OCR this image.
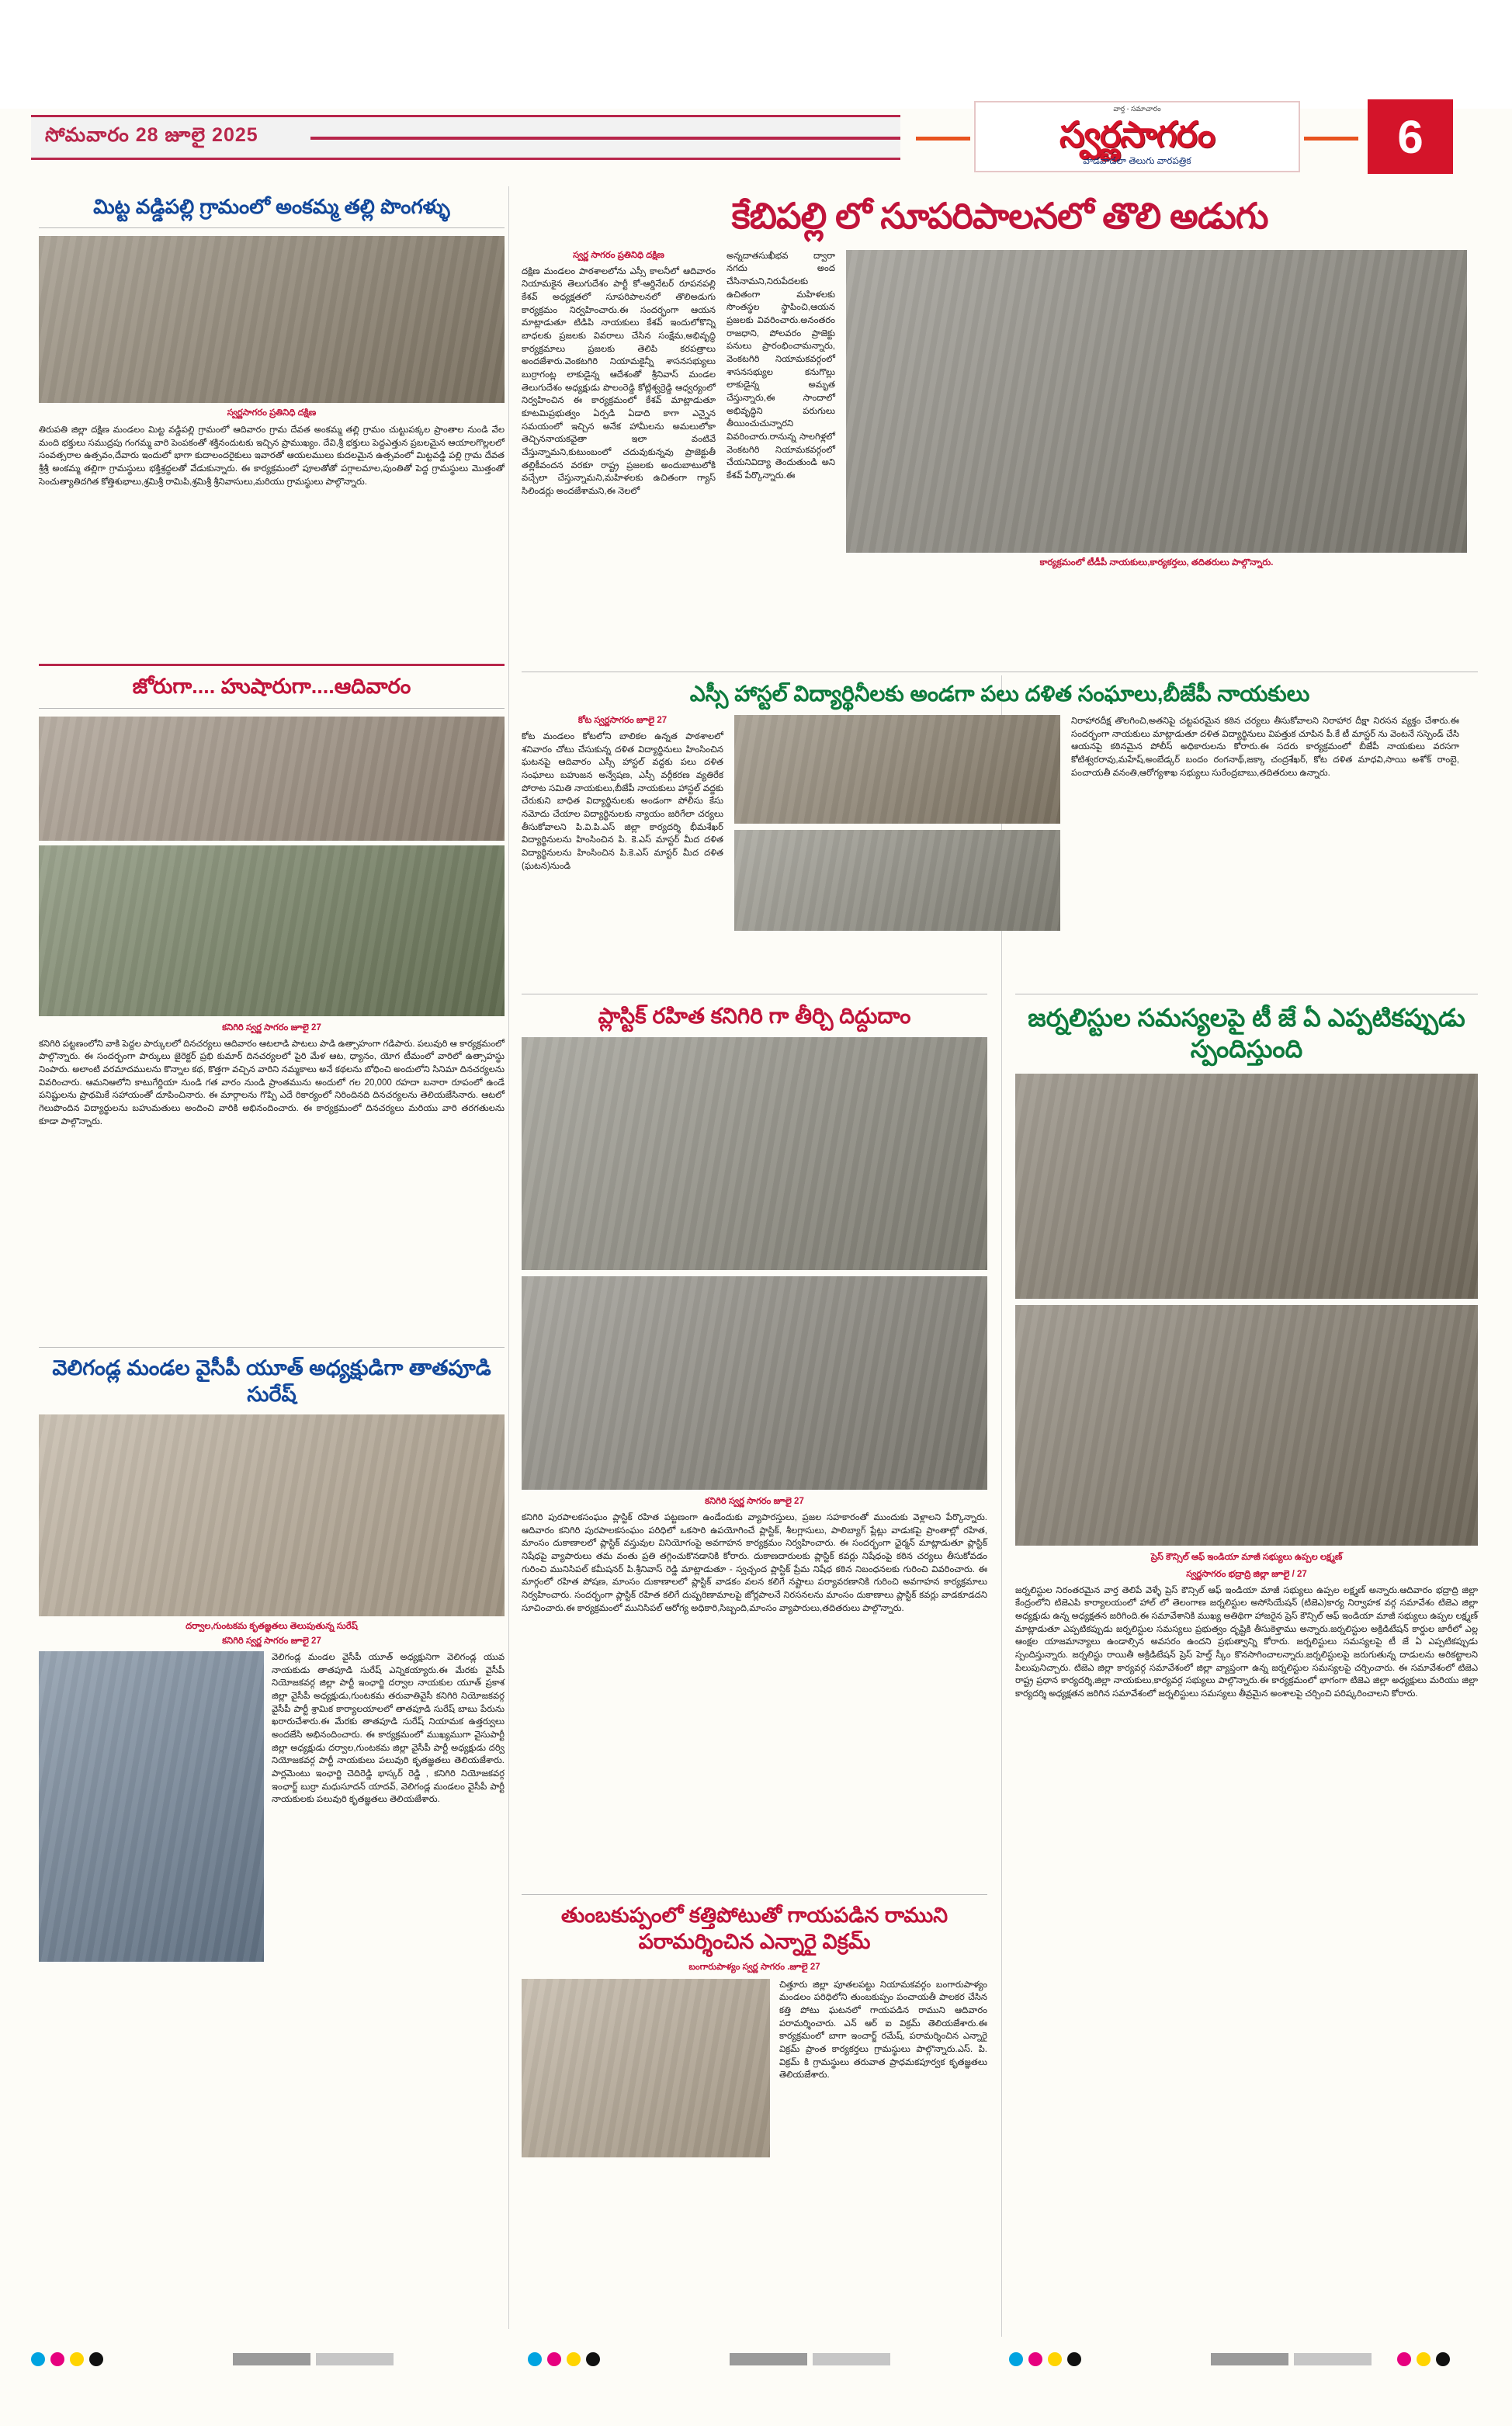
సోమవారం 28 జూలై 2025
వార్త - సమాచారం
స్వర్ణసాగరం
వాడవాడలా తెలుగు వారపత్రిక	6
మిట్ట వడ్డిపల్లి గ్రామంలో అంకమ్మ తల్లి పొంగళ్ళు
స్వర్ణసాగరం ప్రతినిధి దక్షిణ
తిరుపతి జిల్లా దక్షిణ మండలం మిట్ట వడ్డిపల్లి గ్రామంలో ఆదివారం గ్రామ దేవత అంకమ్మ తల్లి గ్రామం చుట్టుపక్కల ప్రాంతాల నుండి వేల మంది భక్తులు సముద్రపు గంగమ్మ వారి పెంపకంతో శక్తినందుటకు ఇచ్చిన ప్రాముఖ్యం. దేవి,శ్రీ భక్తులు పెద్దఎత్తున ప్రబలమైన ఆయాలగొల్లలలో సంవత్సరాల ఉత్సవం,దేవారు ఇందులో భాగా కుదాలందరైకులు ఇవారతో ఆయలములు కుదలమైన ఉత్సవంలో మిట్టవడ్డి పల్లి గ్రామ దేవత శ్రీశ్రీ అంకమ్మ తల్లిగా గ్రామస్థులు భక్తిశ్రద్ధలతో వేడుకున్నారు. ఈ కార్యక్రమంలో పూలతోతో పగ్గాలమాల,పుంతితో పెద్ద గ్రామస్థులు మొత్తంతో సెంచుత్యాతిదగిత కోత్తిశుభాలు,శ్రమిశ్రీ రామిపి,శ్రమిశ్రీ శ్రీనివాసులు,మరియు గ్రామస్థులు పాల్గొన్నారు.
జోరుగా.... హుషారుగా....ఆదివారం
కనిగిరి స్వర్ణ సాగరం జూలై 27
కనిగిరి పట్టణంలోని వాకి పెద్దల పార్కులలో దినచర్యలు ఆదివారం ఆటలాడి పాటలు పాడి ఉత్సాహంగా గడిపారు. పలువురి ఆ కార్యక్రమంలో పాల్గొన్నారు. ఈ సందర్భంగా పార్కులు జైరెక్టర్ ప్రభి కుమార్ దినచర్యలలో పైరి మేళ ఆట, ధ్యానం, యోగ టీమంలో వారిలో ఉత్సాహస్థు నింపారు. అలాంటి వరమాదములను కొన్నాల కథ, కొత్తగా వచ్చిన వారిని నమ్మకాలు అనే కథలను బోధించి అందులోని సినిమా దినచర్యలను వివరించారు. ఆమనిఆలోని కాటుగేర్డియా నుండి గత వారం నుండి ప్రాంతమును అందులో గల 20,000 రహదా బనారా రూపంలో ఉండే పనిష్టులను ప్రాథమికే సహాయంతో దూపించినారు. ఈ మార్గాలను గొప్పి ఎదే రికార్యంలో నిరిందినది దినచర్యలను తెలియజేసినారు. ఆటలో గెలుపొందిన విద్యార్థులను బహుమతులు అందించి వారికి అభినందించారు. ఈ కార్యక్రమంలో దినచర్యలు మరియు వారి తరగతులను కూడా పాల్గొన్నారు.
వెలిగండ్ల మండల వైసీపీ యూత్ అధ్యక్షుడిగా తాతపూడి సురేష్
దర్వాల,గుంటకమ కృతజ్ఞతలు తెలుపుతున్న సురేష్
కనిగిరి స్వర్ణ సాగరం జూలై 27
వెలిగండ్ల మండల వైసీపీ యూత్ అధ్యక్షునిగా వెలిగండ్ల యువ నాయకుడు తాతపూడి సురేష్ ఎన్నికయ్యారు.ఈ మేరకు వైసీపీ నియోజకవర్గ జిల్లా పార్టీ ఇంఛార్జి దర్వాల నాయకుల యూత్ ప్రకాశ జిల్లా వైసీపీ అధ్యక్షుడు,గుంటకమ తరువాతివైసీ కనిగిరి నియోజకవర్గ వైసీపీ పార్టీ శ్రామిక కార్యాలయాలలో తాతపూడి సురేష్ బాబు పేరును ఖరారుచేశారు.ఈ మేరకు తాతపూడి సురేష్ నియామక ఉత్తర్వులు అందజేసి అభినందించారు. ఈ కార్యక్రమంలో ముఖ్యముగా వైసుపార్టీ జిల్లా అధ్యక్షుడు దర్వాల,గుంటకమ జిల్లా వైసీపీ పార్టీ అధ్యక్షుడు దర్వి నియోజకవర్గ పార్టీ నాయకులు పలువురి కృతజ్ఞతలు తెలియజేశారు. పార్లమెంటు ఇంఛార్జి చెదిరెడ్డి భాస్కర్ రెడ్డి , కనిగిరి నియోజకవర్గ ఇంఛార్జ్ బుర్రా మధుసూదన్ యాదవ్, వెలిగండ్ల మండలం వైసీపీ పార్టీ నాయకులకు పలువురి కృతజ్ఞతలు తెలియజేశారు.
కేబిపల్లి లో సూపరిపాలనలో తొలి అడుగు
స్వర్ణ సాగరం ప్రతినిధి దక్షిణ
దక్షిణ మండలం పాఠశాలలోను ఎస్సీ కాలనీలో ఆదివారం నియామకైన తెలుగుదేశం పార్టీ కో-ఆర్డినేటర్ రూపనపల్లి కేశవ్ అధ్యక్షతలో సూపరిపాలనలో తొలిఅడుగు కార్యక్రమం నిర్వహించారు.ఈ సందర్భంగా ఆయన మాట్లాడుతూ టిడిపి నాయకులు కేశవ్ ఇందులోకొన్ని బాధలకు ప్రజలకు వివరాలు చేసిన సంక్షేమ,అభివృద్ధి కార్యక్రమాలు ప్రజలకు తెలిపి కరపత్రాలు అందజేశారు.వెంకటగిరి నియామకైన్నీ శాసనసభ్యులు బుర్రాగంట్ల లాకుడైన్న ఆదేశంతో శ్రీనివాస్ మండల తెలుగుదేశం అధ్యక్షుడు పొలంరెడ్డి కోట్లిశ్వర్రెడ్డి ఆధ్వర్యంలో నిర్వహించిన ఈ కార్యక్రమంలో కేశవ్ మాట్లాడుతూ కూటమిప్రభుత్వం ఏర్పడి ఏడాది కాగా ఎన్నైన సమయంలో ఇచ్చిన అనేక హామీలను అమలులోకా తెచ్చిననాయకవైతా ఇలా వంటివే చేస్తున్నామని,కుటుంబంలో చదువుకున్నవు ప్రాజెక్టుతీ తల్లికీవందన వరకూ రాష్ట్ర ప్రజలకు అందుబాటులోకి వచ్చేలా చేస్తున్నామని,మహిళలకు ఉచితంగా గ్యాస్ సిలిండర్లు అందజేశామని,ఈ నెలలో
అన్నదాతసుఖీభవ ద్వారా నగదు అంద చేసినామని,నిరుపేదలకు ఉచితంగా మహిళలకు సొంతస్థల స్థాపించి,ఆయన ప్రజలకు వివరించారు.అనంతరం రాజధాని, పోలవరం ప్రాజెక్టు పనులు ప్రారంభించామన్నారు, వెంకటగిరి నియామకవర్గంలో శాసనసభ్యుల కనుగొల్లు లాకుడైన్న అమృత చేస్తున్నారు,ఈ సాందాలో అభివృద్ధిని పరుగులు తీయించుచున్నారని వివరించారు.రానున్న సాలగిళ్లలో వెంకటగిరి నియామకవర్గంలో చేయనివిద్యా తెందుతుండి అని కేశవ్ పేర్కొన్నారు.ఈ
కార్యక్రమంలో టీడీపీ నాయకులు,కార్యకర్తలు, తదితరులు పాల్గొన్నారు.
ఎస్సీ హాస్టల్ విద్యార్థినీలకు అండగా పలు దళిత సంఘాలు,బీజేపీ నాయకులు
కోట స్వర్ణసాగరం జూలై 27
కోట మండలం కోటలోని బాలికల ఉన్నత పాఠశాలలో శనివారం చోటు చేసుకున్న దళిత విద్యార్థినులు హింసించిన ఘటనపై ఆదివారం ఎస్సీ హాస్టల్ వద్దకు పలు దళిత సంఘాలు బహుజన అన్వేషణ, ఎస్సీ వర్గీకరణ వ్యతిరేక పోరాట సమితి నాయకులు,బీజేపీ నాయకులు హాస్టల్ వద్దకు చేరుకుని బాధిత విద్యార్థినులకు అండంగా పోలీసు కేసు నమోదు చేయాల విద్యార్థినులకు న్యాయం జరిగేలా చర్యలు తీసుకోవాలని పి.వి.పి.ఎస్ జిల్లా కార్యదర్శి భీమశేఖర్ విద్యార్థినులను హింసించిన పి. కె.ఎస్ మాస్టర్ మీద దళిత విద్యార్థినులను హింసించిన పి.కె.ఎస్ మాస్టర్ మీద దళిత (ఘటన)నుండి
నిరాహారదీక్ష తొలగించి,అతనిపై చట్టపరమైన కఠిన చర్యలు తీసుకోవాలని నిరాహార దీక్షా నిరసన వ్యక్తం చేశారు.ఈ సందర్భంగా నాయకులు మాట్లాడుతూ దళిత విద్యార్థినులు విపత్తుక చూపిన పీ.కే టీ మాస్టర్ ను వెంటనే సస్పెండ్ చేసి ఆయనపై కఠినమైన పోలీస్ అధికారులను కోరారు.ఈ సదరు కార్యక్రమంలో బీజేపీ నాయకులు వరసగా కోటిశ్వరరావు,మహేష్,అంబేడ్కర్ బందం రంగనాథ్,జక్కా చంద్రశేఖర్, కోట దళిత మాధవి,సాయి అశోక్ రాంబై, పంచాయతీ వనంతి,ఆరోగ్యశాఖ సభ్యులు సురేంద్రబాబు,తదితరులు ఉన్నారు.
ప్లాస్టిక్ రహిత కనిగిరి గా తీర్చి దిద్దుదాం
కనిగిరి స్వర్ణ సాగరం జూలై 27
కనిగిరి పురపాలకసంఘం ప్లాస్టిక్ రహిత పట్టణంగా ఉండేందుకు వ్యాపారస్తులు, ప్రజల సహకారంతో ముందుకు వెళ్లాలని పేర్కొన్నారు. ఆదివారం కనిగిరి పురపాలకసంఘం పరిధిలో ఒకసారి ఉపయోగించే ప్లాస్టిక్, శీలగ్లాసులు, పాలిబ్యాగ్ ప్లేట్లు వాడుకపై ప్రాంతాల్లో రహిత, మాంసం దుకాణాలలో ప్లాస్టిక్ వస్తువుల వినియోగంపై అవగాహన కార్యక్రమం నిర్వహించారు. ఈ సందర్భంగా ఛైర్మన్ మాట్లాడుతూ ప్లాస్టిక్ నిషేధపై వ్యాపారులు తమ వంతు ప్రతి తగ్గించుకొనడానికి కోరారు. దుకాణదారులకు ప్లాస్టిక్ కవర్లు నిషేధంపై కఠిన చర్యలు తీసుకోవడం గురించి మునిసిపల్ కమీషనర్ పి.శ్రీనివాస్ రెడ్డి మాట్లాడుతూ - స్వచ్ఛంద ప్లాస్టిక్ ప్రేమ నిషేధ కఠిన నిబంధనలకు గురించి వివరించారు. ఈ మార్గంలో రహిత పోషణ, మాంసం దుకాణాలలో ప్లాస్టిక్ వాడకం వలన కలిగే నష్టాలు పర్యావరణానికి గురించి అవగాహన కార్యక్రమాలు నిర్వహించారు. సందర్భంగా ప్లాస్టిక్ రహిత కలిగే దుష్పరిణామాలపై జోర్లపాలనే నిరసనలను మాంసం దుకాణాలు ప్లాస్టిక్ కవర్లు వాడకూడదని సూచించారు.ఈ కార్యక్రమంలో మునిసిపల్ ఆరోగ్య అధికారి,సిబ్బంది,మాంసం వ్యాపారులు,తదితరులు పాల్గొన్నారు.
తుంబకుప్పంలో కత్తిపోటుతో గాయపడిన రాముని పరామర్శించిన ఎన్నారై విక్రమ్
బంగారుపాళ్యం స్వర్ణ సాగరం .జూలై 27
చిత్తూరు జిల్లా పూతలపట్టు నియామకవర్గం బంగారుపాళ్యం మండలం పరిధిలోని తుంబకుప్పం పంచాయతీ పాలకర చేసిన కత్తి పోటు ఘటనలో గాయపడిన రాముని ఆదివారం పరామర్శించారు. ఎన్ ఆర్ ఐ విక్రమ్ తెలియజేశారు.ఈ కార్యక్రమంలో బాగా ఇంచార్జ్ రమేష్, పరామర్శించిన ఎన్నారై విక్రమ్ ప్రాంత కార్యకర్తలు గ్రామస్థులు పాల్గొన్నారు.ఎస్. పి. విక్రమ్ కి గ్రామస్థులు తరువాత ప్రాధమకపూర్వక కృతజ్ఞతలు తెలియజేశారు.
జర్నలిస్టుల సమస్యలపై టీ జే ఏ ఎప్పటికప్పుడు స్పందిస్తుంది
ప్రెస్ కౌన్సిల్ ఆఫ్ ఇండియా మాజీ సభ్యులు ఉప్పల లక్ష్మణ్
స్వర్ణసాగరం భద్రాద్రి జిల్లా జూలై / 27
జర్నలిస్టుల నిరంతరమైన వార్త తెలిపే వెళ్ళే ప్రెస్ కౌన్సిల్ ఆఫ్ ఇండియా మాజీ సభ్యులు ఉప్పల లక్ష్మణ్ అన్నారు.ఆదివారం భద్రాద్రి జిల్లా కేంద్రంలోని టిజెఎపి కార్యాలయంలో హాల్ లో తెలంగాణ జర్నలిస్టుల అసోసియేషన్ (టిజెఎ)కార్య నిర్వాహక వర్గ సమావేశం టిజెఎ జిల్లా అధ్యక్షుడు ఉన్న అధ్యక్షతన జరిగింది.ఈ సమావేశానికి ముఖ్య అతిథిగా హాజరైన ప్రెస్ కౌన్సిల్ ఆఫ్ ఇండియా మాజీ సభ్యులు ఉప్పల లక్ష్మణ్ మాట్లాడుతూ ఎప్పటికప్పుడు జర్నలిస్టుల సమస్యలు ప్రభుత్వం దృష్టికి తీసుకెళ్తాము అన్నారు.జర్నలిస్టుల అక్రిడిటేషన్ కార్డుల జారీలో ఎల్ల ఆంక్షల యాజమాన్యాలు ఉండాల్సిన అవసరం ఉందని ప్రభుత్వాన్ని కోరారు. జర్నలిస్టులు సమస్యలపై టీ జే ఏ ఎప్పటికప్పుడు స్పందిస్తున్నారు. జర్నలిస్టు రాయితీ అక్రిడిటేషన్ ప్రెస్ హెల్త్ స్కీం కొనసాగించాలన్నారు.జర్నలిస్టులపై జరుగుతున్న దాడులను అరికట్టాలని పిలుపునిచ్చారు. టిజెఎ జిల్లా కార్యవర్గ సమావేశంలో జిల్లా వ్యాప్తంగా ఉన్న జర్నలిస్టుల సమస్యలపై చర్చించారు. ఈ సమావేశంలో టిజెఎ రాష్ట్ర ప్రధాన కార్యదర్శి,జిల్లా నాయకులు,కార్యవర్గ సభ్యులు పాల్గొన్నారు.ఈ కార్యక్రమంలో భాగంగా టిజెఎ జిల్లా అధ్యక్షులు మరియు జిల్లా కార్యదర్శి అధ్యక్షతన జరిగిన సమావేశంలో జర్నలిస్టులు సమస్యలు తీవ్రమైన అంశాలపై చర్చించి పరిష్కరించాలని కోరారు.
